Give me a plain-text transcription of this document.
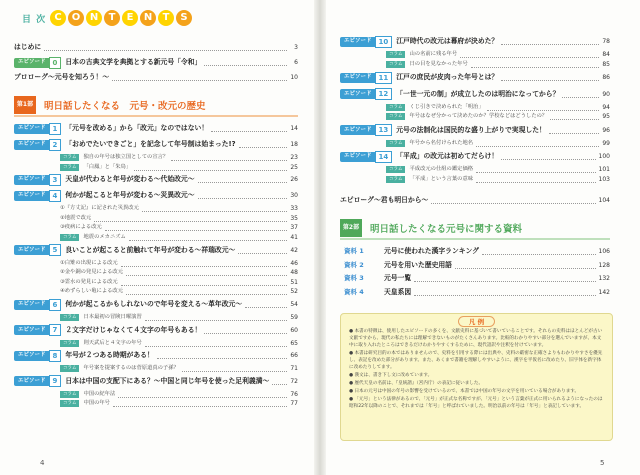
目 次 C O N T E N T S
はじめに	3
エピソード	0	日本の古典文学を典拠とする新元号「令和」	6
プロローグ～元号を知ろう！～	10
第1部	明日話したくなる　元号・改元の歴史
エピソード	1	「元号を改める」から「改元」なのではない！	14
エピソード	2	「おめでたいできごと」を記念して年号制は始まった!?	18
コラム	独自の年号は独立国としての宣言？	23
コラム	「白鳳」と「朱鳥」	25
エピソード	3	天皇が代わると年号が変わる～代始改元～	26
エピソード	4	何かが起こると年号が変わる～災異改元～	30
①『方丈記』に記された災異改元	33
②地震で改元	35
③疫病による改元	37
コラム	地震のメカニズム	41
エピソード	5	良いことが起こると前触れて年号が変わる～祥瑞改元～	42
①白雉の出現による改元	46
②金や銅の発見による改元	48
③霊水の発見による改元	51
④めずらしい亀による改元	52
エピソード	6	何かが起こるかもしれないので年号を変える～革年改元～	54
コラム	日本最初の冒険日曜演習	59
エピソード	7	２文字だけじゃなくて４文字の年号もある！	60
コラム	則天武后と４文字の年号	65
エピソード	8	年号が２つある時期がある！	66
コラム	年号案を提案するのは菅原道真の子孫？	71
エピソード	9	日本は中国の支配下にある？～中国と同じ年号を使った足利義満～	72
コラム	中国の紀年法	76
コラム	中国の年号	77
エピソード	10	江戸時代の改元は幕府が決めた？	78
コラム	山の名前に残る年号	84
コラム	日の目を見なかった年号	85
エピソード	11	江戸の庶民が皮肉った年号とは？	86
エピソード	12	「一世一元の制」が成立したのは明治になってから？	90
コラム	くじ引きで決められた「明治」	94
コラム	年号はなぜ分かって決めたのか？学校などはどうしたの？	95
エピソード	13	元号の法制化は国民的な盛り上がりで実現した！	96
コラム	年号から名付けられた地名	99
エピソード	14	「平成」の改元は初めてだらけ！	100
コラム	平成改元の仕組の鑑定価格	101
コラム	「平成」という言葉の意味	103
エピローグ～君も明日から～	104
第2部	明日話したくなる元号に関する資料
資料 1	元号に使われた漢字ランキング	106
資料 2	元号を用いた歴史用語	128
資料 3	元号一覧	132
資料 4	天皇系図	142
凡 例
● 本書の特徴は、使用したエピソードの多くを、文献史料に基づいて書いていることです。それらの史料はほとんどが古い文献ですから、現代の私たちには理解できないものがたくさんあります。比較的わかりやすい部分を選んでいますが、本文中に取り入れたところはできるだけわかりやすくするために、現代語訳や注釈を付けています。
● 本書は研究目的の本ではありませんので、史料を引用する際には出典や、史料の厳密な正確さよりもわかりやすさを優先し、表記を改めた部分があります。また、あくまで書籍を理解しやすいように、漢字を平仮名に改めたり、旧字体を新字体に改めたりしてます。
● 漢文は、書き下し文に改めています。
● 歴代天皇の名前は、『皇統譜』（宮内庁）の表記に従いました。
● 日本の元号は中国の年号の影響を受けているので、本書では中国の年号の文字を用いている場合があります。
● 「元号」という法律があるので、「元号」が正式な名称ですが、「元号」という言葉が正式に用いられるようになったのは昭和22年以降のことで、それまでは「年号」と呼ばれていました。明治以前の年号は「年号」と表記しています。
4	5
